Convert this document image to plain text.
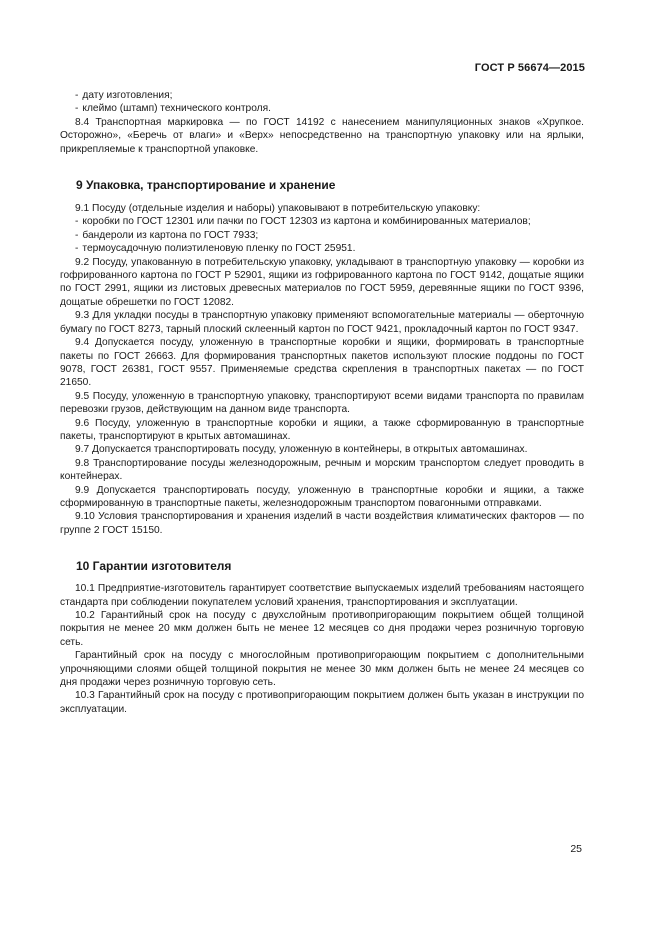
ГОСТ Р 56674—2015

- дату изготовления;

- клеймо (штамп) технического контроля.

8.4 Транспортная маркировка — по ГОСТ 14192 с нанесением манипуляционных знаков «Хрупкое. Осторожно», «Беречь от влаги» и «Верх» непосредственно на транспортную упаковку или на ярлыки, прикрепляемые к транспортной упаковке.

9 Упаковка, транспортирование и хранение

9.1 Посуду (отдельные изделия и наборы) упаковывают в потребительскую упаковку:

- коробки по ГОСТ 12301 или пачки по ГОСТ 12303 из картона и комбинированных материалов;

- бандероли из картона по ГОСТ 7933;

- термоусадочную полиэтиленовую пленку по ГОСТ 25951.

9.2 Посуду, упакованную в потребительскую упаковку, укладывают в транспортную упаковку — коробки из гофрированного картона по ГОСТ Р 52901, ящики из гофрированного картона по ГОСТ 9142, дощатые ящики по ГОСТ 2991, ящики из листовых древесных материалов по ГОСТ 5959, деревянные ящики по ГОСТ 9396, дощатые обрешетки по ГОСТ 12082.

9.3 Для укладки посуды в транспортную упаковку применяют вспомогательные материалы — оберточную бумагу по ГОСТ 8273, тарный плоский склеенный картон по ГОСТ 9421, прокладочный картон по ГОСТ 9347.

9.4 Допускается посуду, уложенную в транспортные коробки и ящики, формировать в транспортные пакеты по ГОСТ 26663. Для формирования транспортных пакетов используют плоские поддоны по ГОСТ 9078, ГОСТ 26381, ГОСТ 9557. Применяемые средства скрепления в транспортных пакетах — по ГОСТ 21650.

9.5 Посуду, уложенную в транспортную упаковку, транспортируют всеми видами транспорта по правилам перевозки грузов, действующим на данном виде транспорта.

9.6 Посуду, уложенную в транспортные коробки и ящики, а также сформированную в транспортные пакеты, транспортируют в крытых автомашинах.

9.7 Допускается транспортировать посуду, уложенную в контейнеры, в открытых автомашинах.

9.8 Транспортирование посуды железнодорожным, речным и морским транспортом следует проводить в контейнерах.

9.9 Допускается транспортировать посуду, уложенную в транспортные коробки и ящики, а также сформированную в транспортные пакеты, железнодорожным транспортом повагонными отправками.

9.10 Условия транспортирования и хранения изделий в части воздействия климатических факторов — по группе 2 ГОСТ 15150.

10 Гарантии изготовителя

10.1 Предприятие-изготовитель гарантирует соответствие выпускаемых изделий требованиям настоящего стандарта при соблюдении покупателем условий хранения, транспортирования и эксплуатации.

10.2 Гарантийный срок на посуду с двухслойным противопригорающим покрытием общей толщиной покрытия не менее 20 мкм должен быть не менее 12 месяцев со дня продажи через розничную торговую сеть.

Гарантийный срок на посуду с многослойным противопригорающим покрытием с дополнительными упрочняющими слоями общей толщиной покрытия не менее 30 мкм должен быть не менее 24 месяцев со дня продажи через розничную торговую сеть.

10.3 Гарантийный срок на посуду с противопригорающим покрытием должен быть указан в инструкции по эксплуатации.

25
